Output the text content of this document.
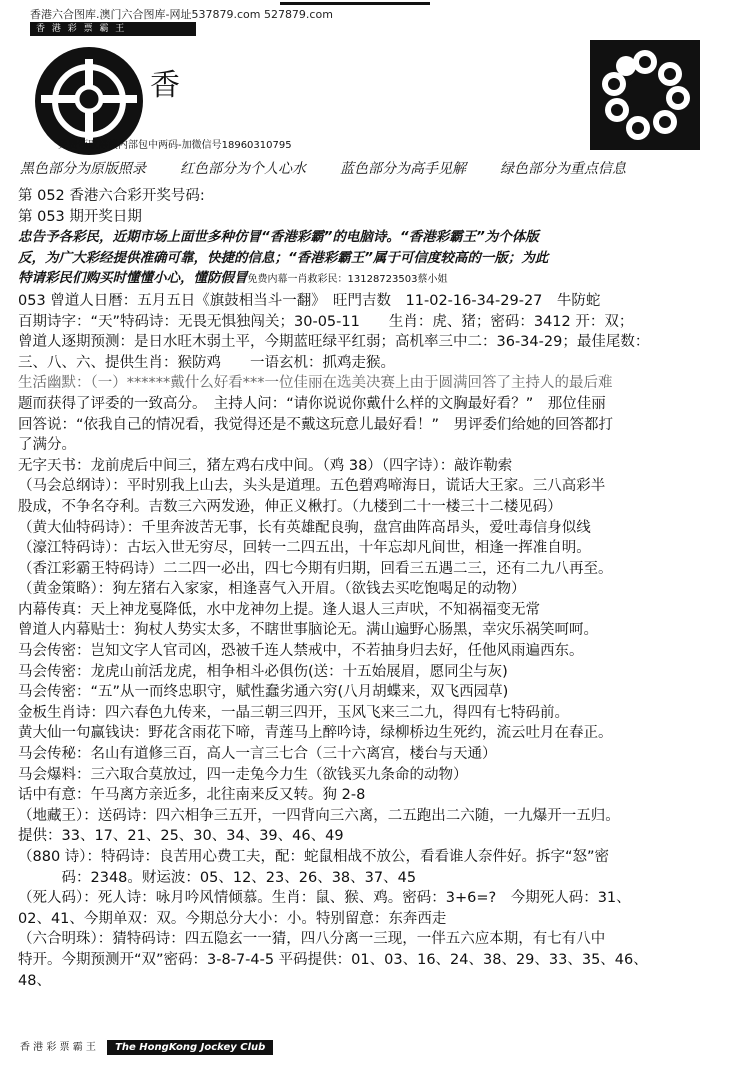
香港六合图库.澳门六合图库-网址537879.com 527879.com
香 港 彩 票 霸 王
香
免费领取港澳内部包中两码-加微信号18960310795
黑色部分为原版照录 红色部分为个人心水 蓝色部分为高手见解 绿色部分为重点信息
第 052 香港六合彩开奖号码:
第 053 期开奖日期
忠告予各彩民，近期市场上面世多种仿冒“香港彩霸”的电脑诗。“香港彩霸王”为个体版
反，为广大彩经提供准确可靠，快捷的信息；“香港彩霸王”属于可信度较高的一版；为此
特请彩民们购买时懂懂小心，懂防假冒免费内幕一肖救彩民：13128723503蔡小姐
053 曾道人日暦：五月五日《旗鼓相当斗一翻》　旺門吉数　11-02-16-34-29-27　牛防蛇
百期诗字：“天”特码诗：无畏无惧独闯关；30-05-11　　生肖：虎、猪；密码：3412 开：双；
曾道人逐期预测：是日水旺木弱土平，今期蓝旺绿平红弱；高机率三中二：36-34-29；最佳尾数：
三、八、六、提供生肖：猴防鸡　　一语玄机：抓鸡走猴。
生活幽默：（一）******戴什么好看***一位佳丽在选美决赛上由于圆满回答了主持人的最后难
题而获得了评委的一致高分。　主持人问：“请你说说你戴什么样的文胸最好看？”　那位佳丽
回答说：“依我自己的情况看，我觉得还是不戴这玩意儿最好看！”　男评委们给她的回答都打
了满分。
无字天书：龙前虎后中间三，猪左鸡右戌中间。（鸡 38）（四字诗）：敲诈勒索
（马会总纲诗）：平时别我上山去，头头是道理。五色碧鸡啼海日，谎话大王家。三八高彩半
股成，不争名夺利。吉数三六两发逊，伸正义楸打。（九楼到二十一楼三十二楼见码）
（黄大仙特码诗）：千里奔波苦无事，长有英雄配良驹，盘宫曲阵高昂头，爱吐毒信身似线
（濠江特码诗）：古坛入世无穷尽，回转一二四五出，十年忘却凡间世，相逢一挥准自明。
（香江彩霸王特码诗）二二四一必出，四七今期有归期，回看三五遇二三，还有二九八再至。
（黄金策略）：狗左猪右入家家，相逢喜气入开眉。（欲钱去买吃饱喝足的动物）
内幕传真：天上神龙戛降低，水中龙神勿上提。逢人退人三声吠，不知祸福变无常
曾道人内幕贴士：狗杖人势实太多，不瞎世事脑论无。满山遍野心肠黑，幸灾乐祸笑呵呵。
马会传密：岂知文字人官司凶，恐被千连人禁戒中，不若抽身归去好，任他风雨遍西东。
马会传密：龙虎山前活龙虎，相争相斗必俱伤(送：十五始展眉，愿同尘与灰)
马会传密：“五”从一而终忠职守，赋性蠢劣通六穷(八月胡蝶来，双飞西园草)
金板生肖诗：四六春色九传来，一晶三朝三四开，玉风飞来三二九，得四有七特码前。
黄大仙一句赢钱诀：野花含雨花下啼，青莲马上醉吟诗，绿柳桥边生死约，流云吐月在春正。
马会传秘：名山有道修三百，高人一言三七合（三十六离宫，楼台与天通）
马会爆料：三六取合莫放过，四一走兔今力生（欲钱买九条命的动物）
话中有意：午马离方亲近多，北往南来反又转。狗 2-8
（地藏王）：送码诗：四六相争三五开，一四背向三六离，二五跑出二六随，一九爆开一五归。
提供：33、17、21、25、30、34、39、46、49
（880 诗）：特码诗：良苦用心费工夫，配：蛇鼠相战不放公，看看谁人奈件好。拆字“怒”密
　　　码：2348。财运波：05、12、23、26、38、37、45
（死人码）：死人诗：咏月吟风情倾慕。生肖：鼠、猴、鸡。密码：3+6=?　今期死人码：31、
02、41、今期单双：双。今期总分大小：小。特别留意：东奔西走
（六合明珠）：猜特码诗：四五隐玄一一猜，四八分离一三现，一伴五六应本期，有七有八中
特开。今期预测开“双”密码：3-8-7-4-5 平码提供：01、03、16、24、38、29、33、35、46、
48、
香 港 彩 票 霸 王 The HongKong Jockey Club
